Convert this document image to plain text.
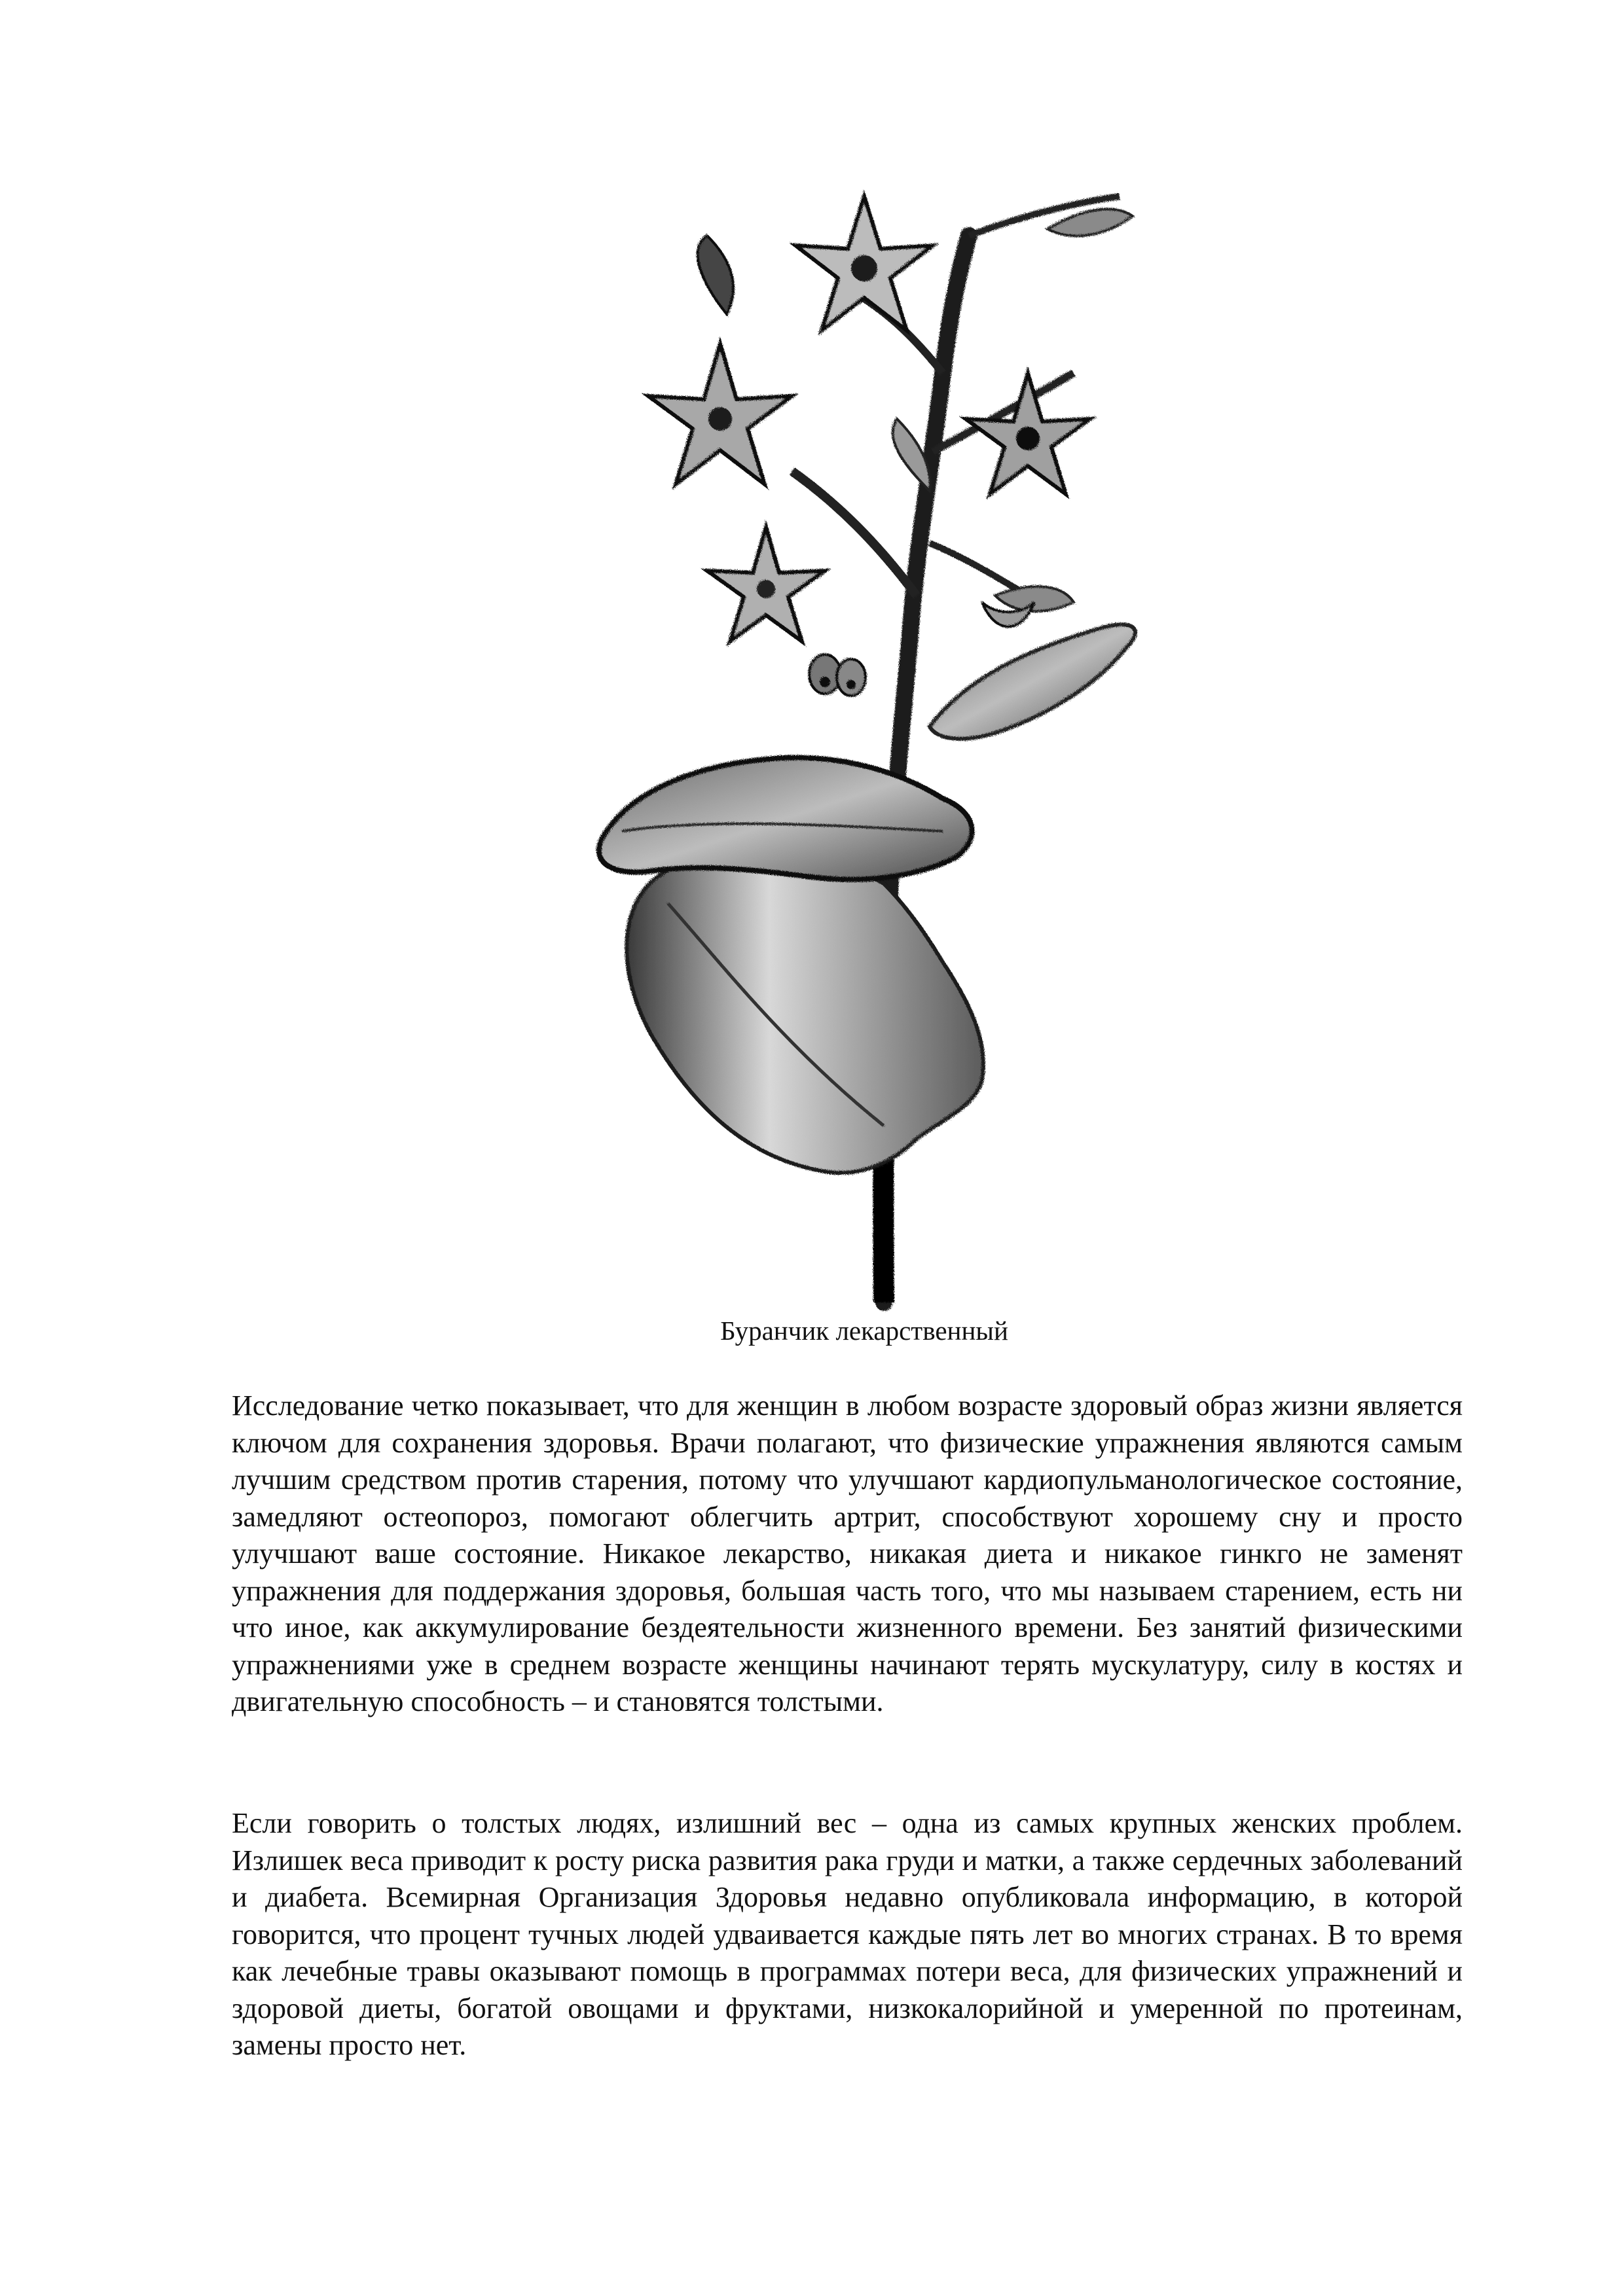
Буранчик лекарственный

Исследование четко показывает, что для женщин в любом возрасте здоровый образ жизни является ключом для сохранения здоровья. Врачи полагают, что физические упражнения являются самым лучшим средством против старения, потому что улучшают кардиопульманологическое состояние, замедляют остеопороз, помогают облегчить артрит, способствуют хорошему сну и просто улучшают ваше состояние. Никакое лекарство, никакая диета и никакое гинкго не заменят упражнения для поддержания здоровья, большая часть того, что мы называем старением, есть ни что иное, как аккумулирование бездеятельности жизненного времени. Без занятий физическими упражнениями уже в среднем возрасте женщины начинают терять мускулатуру, силу в костях и двигательную способность – и становятся толстыми.

Если говорить о толстых людях, излишний вес – одна из самых крупных женских проблем. Излишек веса приводит к росту риска развития рака груди и матки, а также сердечных заболеваний и диабета. Всемирная Организация Здоровья недавно опубликовала информацию, в которой говорится, что процент тучных людей удваивается каждые пять лет во многих странах. В то время как лечебные травы оказывают помощь в программах потери веса, для физических упражнений и здоровой диеты, богатой овощами и фруктами, низкокалорийной и умеренной по протеинам, замены просто нет.
